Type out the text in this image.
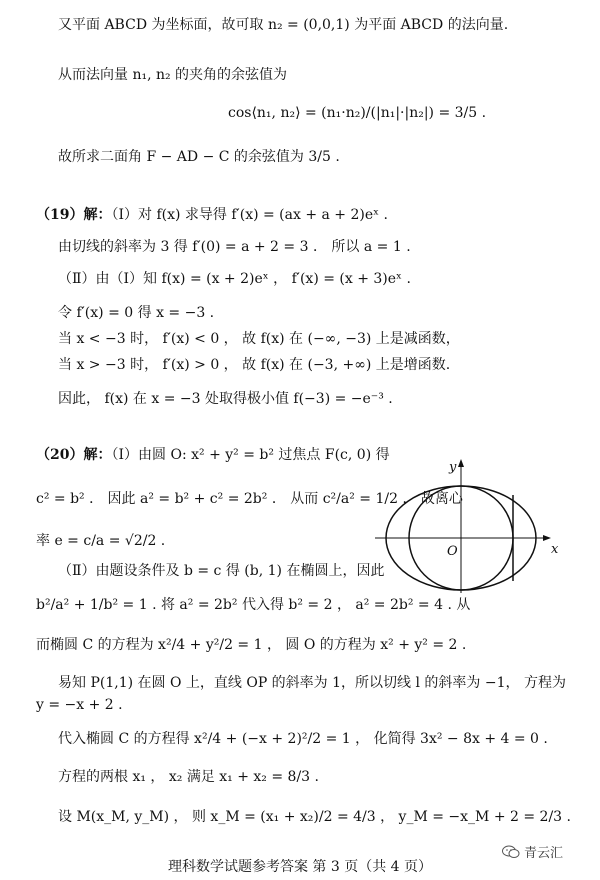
又平面 ABCD 为坐标面，故可取 n₂ = (0,0,1) 为平面 ABCD 的法向量.
从而法向量 n₁, n₂ 的夹角的余弦值为
cos⟨n₁, n₂⟩ = (n₁·n₂)/(|n₁|·|n₂|) = 3/5 .
故所求二面角 F − AD − C 的余弦值为 3/5 .
（19）解：（Ⅰ）对 f(x) 求导得 f′(x) = (ax + a + 2)eˣ .
由切线的斜率为 3 得 f′(0) = a + 2 = 3 ． 所以 a = 1 .
（Ⅱ）由（Ⅰ）知 f(x) = (x + 2)eˣ ， f′(x) = (x + 3)eˣ .
令 f′(x) = 0 得 x = −3 .
当 x < −3 时， f′(x) < 0 ， 故 f(x) 在 (−∞, −3) 上是减函数，
当 x > −3 时， f′(x) > 0 ， 故 f(x) 在 (−3, +∞) 上是增函数.
因此， f(x) 在 x = −3 处取得极小值 f(−3) = −e⁻³ .
（20）解：（Ⅰ）由圆 O: x² + y² = b² 过焦点 F(c, 0) 得
c² = b² ． 因此 a² = b² + c² = 2b² ． 从而 c²/a² = 1/2 ． 故离心
率 e = c/a = √2/2 .
（Ⅱ）由题设条件及 b = c 得 (b, 1) 在椭圆上，因此
b²/a² + 1/b² = 1 . 将 a² = 2b² 代入得 b² = 2 ， a² = 2b² = 4 . 从
而椭圆 C 的方程为 x²/4 + y²/2 = 1 ， 圆 O 的方程为 x² + y² = 2 .
易知 P(1,1) 在圆 O 上，直线 OP 的斜率为 1，所以切线 l 的斜率为 −1， 方程为
y = −x + 2 .
代入椭圆 C 的方程得 x²/4 + (−x + 2)²/2 = 1 ， 化简得 3x² − 8x + 4 = 0 .
方程的两根 x₁ ， x₂ 满足 x₁ + x₂ = 8/3 .
设 M(x_M, y_M) ， 则 x_M = (x₁ + x₂)/2 = 4/3 ， y_M = −x_M + 2 = 2/3 .
y
x
O
青云汇
理科数学试题参考答案 第 3 页（共 4 页）
